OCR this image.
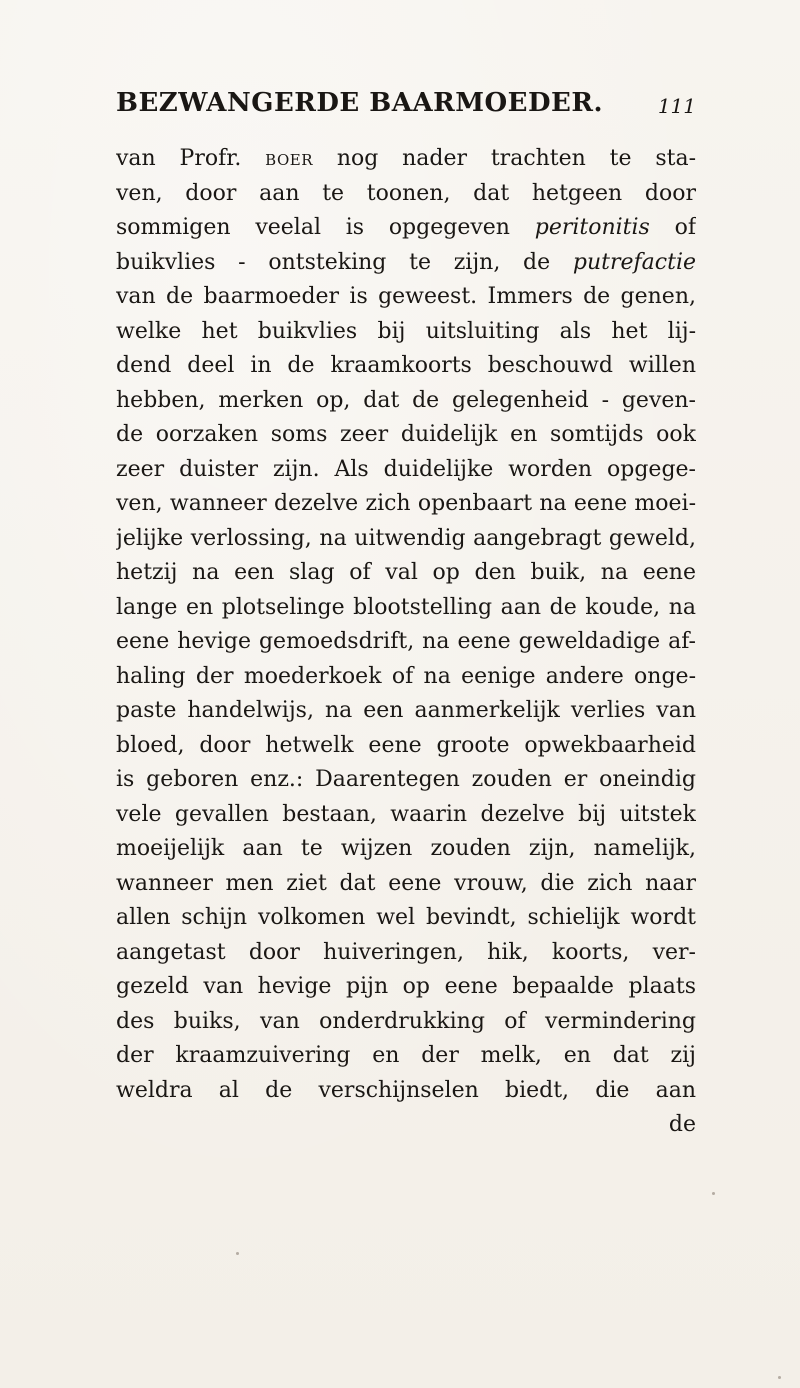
BEZWANGERDE BAARMOEDER.	111
van Profr. boer nog nader trachten te sta-
ven, door aan te toonen, dat hetgeen door
sommigen veelal is opgegeven peritonitis of
buikvlies - ontsteking te zijn, de putrefactie
van de baarmoeder is geweest. Immers de genen,
welke het buikvlies bij uitsluiting als het lij-
dend deel in de kraamkoorts beschouwd willen
hebben, merken op, dat de gelegenheid - geven-
de oorzaken soms zeer duidelijk en somtijds ook
zeer duister zijn. Als duidelijke worden opgege-
ven, wanneer dezelve zich openbaart na eene moei-
jelijke verlossing, na uitwendig aangebragt geweld,
hetzij na een slag of val op den buik, na eene
lange en plotselinge blootstelling aan de koude, na
eene hevige gemoedsdrift, na eene geweldadige af-
haling der moederkoek of na eenige andere onge-
paste handelwijs, na een aanmerkelijk verlies van
bloed, door hetwelk eene groote opwekbaarheid
is geboren enz.: Daarentegen zouden er oneindig
vele gevallen bestaan, waarin dezelve bij uitstek
moeijelijk aan te wijzen zouden zijn, namelijk,
wanneer men ziet dat eene vrouw, die zich naar
allen schijn volkomen wel bevindt, schielijk wordt
aangetast door huiveringen, hik, koorts, ver-
gezeld van hevige pijn op eene bepaalde plaats
des buiks, van onderdrukking of vermindering
der kraamzuivering en der melk, en dat zij
weldra al de verschijnselen biedt, die aan
de
